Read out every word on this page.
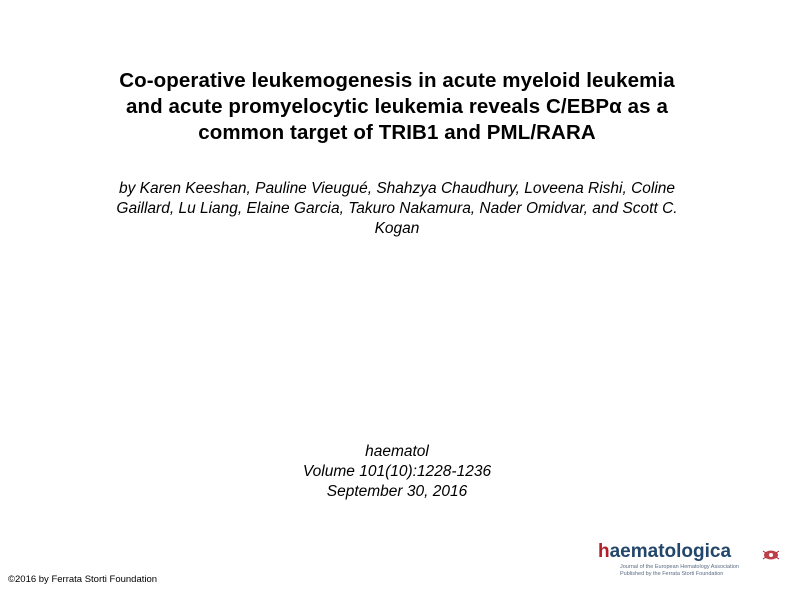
Co-operative leukemogenesis in acute myeloid leukemia
and acute promyelocytic leukemia reveals C/EBPα as a
common target of TRIB1 and PML/RARA
by Karen Keeshan, Pauline Vieugué, Shahzya Chaudhury, Loveena Rishi, Coline
Gaillard, Lu Liang, Elaine Garcia, Takuro Nakamura, Nader Omidvar, and Scott C.
Kogan
haematol
Volume 101(10):1228-1236
September 30, 2016
©2016 by Ferrata Storti Foundation
haematologica
Journal of the European Hematology Association
Published by the Ferrata Storti Foundation
